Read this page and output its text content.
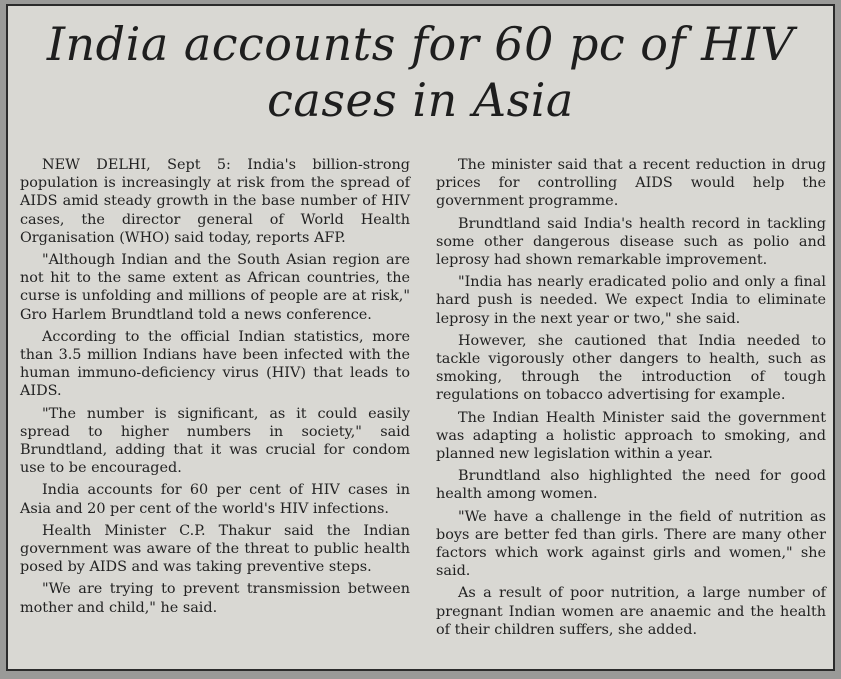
India accounts for 60 pc of HIV cases in Asia

NEW DELHI, Sept 5: India's billion-strong population is increasingly at risk from the spread of AIDS amid steady growth in the base number of HIV cases, the director general of World Health Organisation (WHO) said today, reports AFP.

"Although Indian and the South Asian region are not hit to the same extent as African countries, the curse is unfolding and millions of people are at risk," Gro Harlem Brundtland told a news conference.

According to the official Indian statistics, more than 3.5 million Indians have been infected with the human immuno-deficiency virus (HIV) that leads to AIDS.

"The number is significant, as it could easily spread to higher numbers in society," said Brundtland, adding that it was crucial for condom use to be encouraged.

India accounts for 60 per cent of HIV cases in Asia and 20 per cent of the world's HIV infections.

Health Minister C.P. Thakur said the Indian government was aware of the threat to public health posed by AIDS and was taking preventive steps.

"We are trying to prevent transmission between mother and child," he said.

The minister said that a recent reduction in drug prices for controlling AIDS would help the government programme.

Brundtland said India's health record in tackling some other dangerous disease such as polio and leprosy had shown remarkable improvement.

"India has nearly eradicated polio and only a final hard push is needed. We expect India to eliminate leprosy in the next year or two," she said.

However, she cautioned that India needed to tackle vigorously other dangers to health, such as smoking, through the introduction of tough regulations on tobacco advertising for example.

The Indian Health Minister said the government was adapting a holistic approach to smoking, and planned new legislation within a year.

Brundtland also highlighted the need for good health among women.

"We have a challenge in the field of nutrition as boys are better fed than girls. There are many other factors which work against girls and women," she said.

As a result of poor nutrition, a large number of pregnant Indian women are anaemic and the health of their children suffers, she added.
